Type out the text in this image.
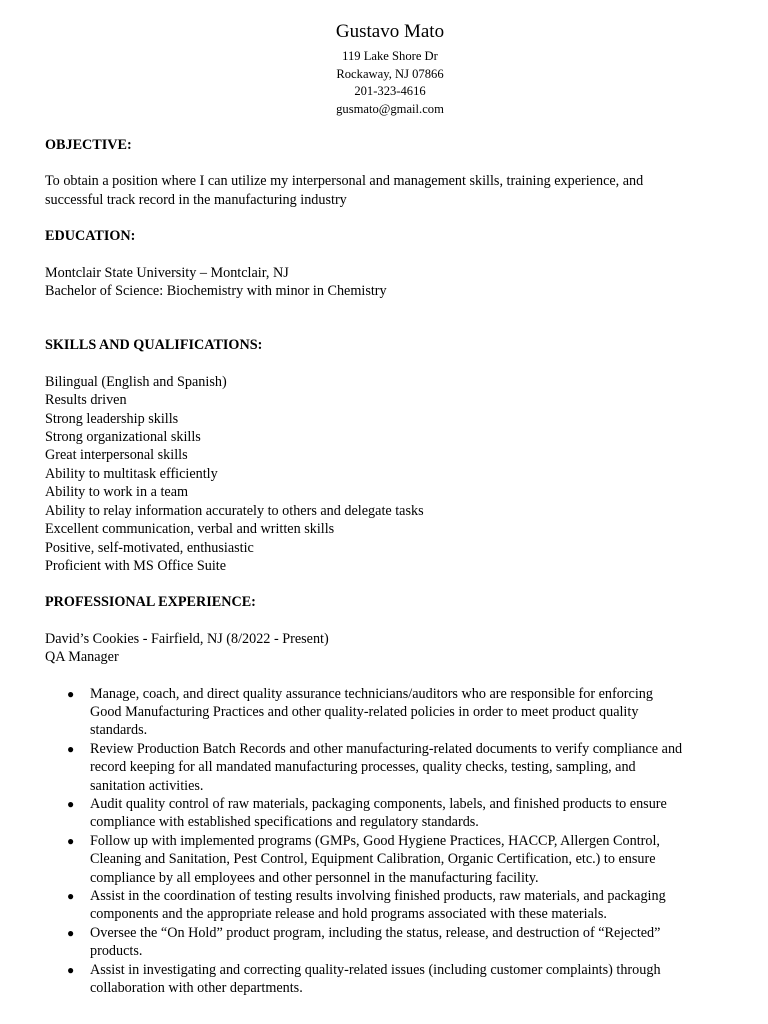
Gustavo Mato
119 Lake Shore Dr
Rockaway, NJ 07866
201-323-4616
gusmato@gmail.com

OBJECTIVE:

To obtain a position where I can utilize my interpersonal and management skills, training experience, and
successful track record in the manufacturing industry

EDUCATION:

Montclair State University – Montclair, NJ
Bachelor of Science: Biochemistry with minor in Chemistry

SKILLS AND QUALIFICATIONS:

Bilingual (English and Spanish)
Results driven
Strong leadership skills
Strong organizational skills
Great interpersonal skills
Ability to multitask efficiently
Ability to work in a team
Ability to relay information accurately to others and delegate tasks
Excellent communication, verbal and written skills
Positive, self-motivated, enthusiastic
Proficient with MS Office Suite

PROFESSIONAL EXPERIENCE:

David’s Cookies - Fairfield, NJ (8/2022 - Present)
QA Manager
● Manage, coach, and direct quality assurance technicians/auditors who are responsible for enforcing
Good Manufacturing Practices and other quality-related policies in order to meet product quality
standards.
● Review Production Batch Records and other manufacturing-related documents to verify compliance and
record keeping for all mandated manufacturing processes, quality checks, testing, sampling, and
sanitation activities.
● Audit quality control of raw materials, packaging components, labels, and finished products to ensure
compliance with established specifications and regulatory standards.
● Follow up with implemented programs (GMPs, Good Hygiene Practices, HACCP, Allergen Control,
Cleaning and Sanitation, Pest Control, Equipment Calibration, Organic Certification, etc.) to ensure
compliance by all employees and other personnel in the manufacturing facility.
● Assist in the coordination of testing results involving finished products, raw materials, and packaging
components and the appropriate release and hold programs associated with these materials.
● Oversee the “On Hold” product program, including the status, release, and destruction of “Rejected”
products.
● Assist in investigating and correcting quality-related issues (including customer complaints) through
collaboration with other departments.
